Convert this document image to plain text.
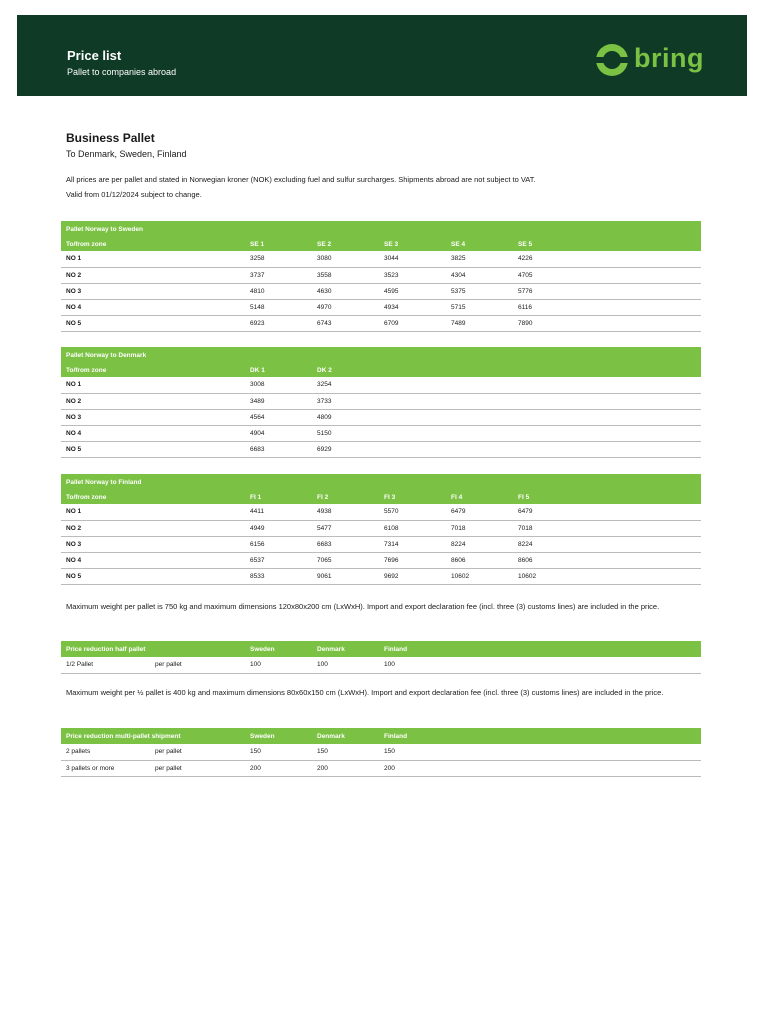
Price list
Pallet to companies abroad	bring
Business Pallet
To Denmark, Sweden, Finland
All prices are per pallet and stated in Norwegian kroner (NOK) excluding fuel and sulfur surcharges. Shipments abroad are not subject to VAT.
Valid from 01/12/2024 subject to change.
Pallet Norway to Sweden						
To/from zone	SE 1	SE 2	SE 3	SE 4	SE 5	
NO 1	3258	3080	3044	3825	4226	
NO 2	3737	3558	3523	4304	4705	
NO 3	4810	4630	4595	5375	5776	
NO 4	5148	4970	4934	5715	6116	
NO 5	6923	6743	6709	7489	7890	
Pallet Norway to Denmark			
To/from zone	DK 1	DK 2	
NO 1	3008	3254	
NO 2	3489	3733	
NO 3	4564	4809	
NO 4	4904	5150	
NO 5	6683	6929	
Pallet Norway to Finland						
To/from zone	FI 1	FI 2	FI 3	FI 4	FI 5	
NO 1	4411	4938	5570	6479	6479	
NO 2	4949	5477	6108	7018	7018	
NO 3	6156	6683	7314	8224	8224	
NO 4	6537	7065	7696	8606	8606	
NO 5	8533	9061	9692	10602	10602	
Maximum weight per pallet is 750 kg and maximum dimensions 120x80x200 cm (LxWxH). Import and export declaration fee (incl. three (3) customs lines) are included in the price.
Price reduction half pallet		Sweden	Denmark	Finland	
1/2 Pallet	per pallet	100	100	100	
Maximum weight per ½ pallet is 400 kg and maximum dimensions 80x60x150 cm (LxWxH). Import and export declaration fee (incl. three (3) customs lines) are included in the price.
Price reduction multi-pallet shipment		Sweden	Denmark	Finland	
2 pallets	per pallet	150	150	150	
3 pallets or more	per pallet	200	200	200	
